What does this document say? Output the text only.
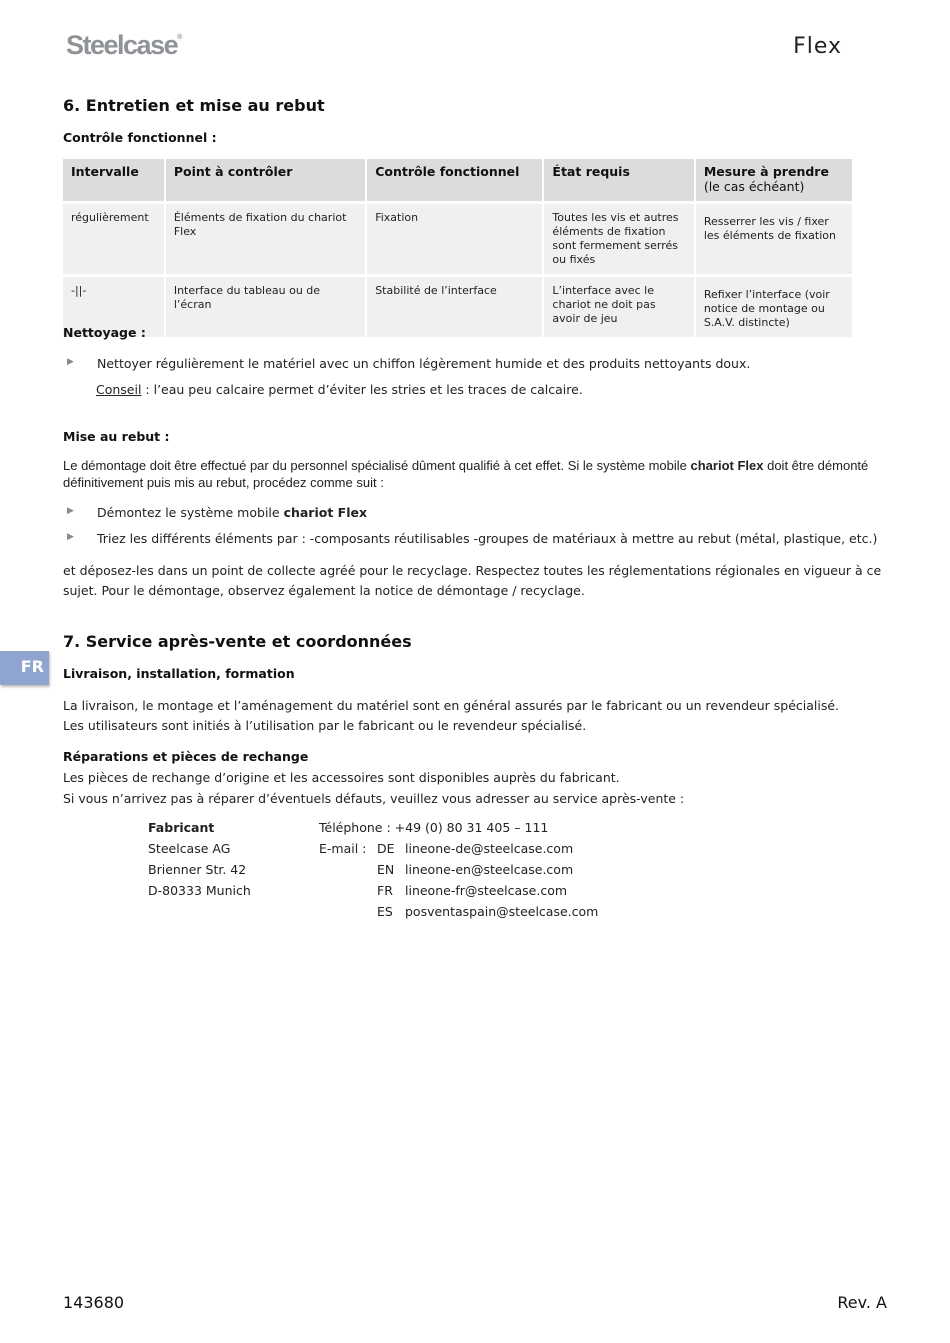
Steelcase®	Flex
6. Entretien et mise au rebut
Contrôle fonctionnel :
Intervalle	Point à contrôler	Contrôle fonctionnel	État requis	Mesure à prendre (le cas échéant)
régulièrement	Éléments de fixation du chariot Flex	Fixation	Toutes les vis et autres éléments de fixation sont fermement serrés ou fixés	Resserrer les vis / fixer les éléments de fixation

-||-	Interface du tableau ou de l’écran	Stabilité de l’interface	L’interface avec le chariot ne doit pas avoir de jeu	Refixer l’interface (voir notice de montage ou S.A.V. distincte)
Nettoyage :
▶ Nettoyer régulièrement le matériel avec un chiffon légèrement humide et des produits nettoyants doux.
Conseil : l’eau peu calcaire permet d’éviter les stries et les traces de calcaire.
Mise au rebut :
Le démontage doit être effectué par du personnel spécialisé dûment qualifié à cet effet. Si le système mobile chariot Flex doit être démonté définitivement puis mis au rebut, procédez comme suit :
▶ Démontez le système mobile chariot Flex
▶ Triez les différents éléments par : -composants réutilisables -groupes de matériaux à mettre au rebut (métal, plastique, etc.)
et déposez-les dans un point de collecte agréé pour le recyclage. Respectez toutes les réglementations régionales en vigueur à ce sujet. Pour le démontage, observez également la notice de démontage / recyclage.
FR
7. Service après-vente et coordonnées
Livraison, installation, formation
La livraison, le montage et l’aménagement du matériel sont en général assurés par le fabricant ou un revendeur spécialisé.
Les utilisateurs sont initiés à l’utilisation par le fabricant ou le revendeur spécialisé.
Réparations et pièces de rechange
Les pièces de rechange d’origine et les accessoires sont disponibles auprès du fabricant.
Si vous n’arrivez pas à réparer d’éventuels défauts, veuillez vous adresser au service après-vente :
Fabricant
Steelcase AG
Brienner Str. 42
D-80333 Munich
Téléphone : +49 (0) 80 31 405 – 111
E-mail : DE lineone-de@steelcase.com
EN lineone-en@steelcase.com
FR lineone-fr@steelcase.com
ES posventaspain@steelcase.com
143680	Rev. A
